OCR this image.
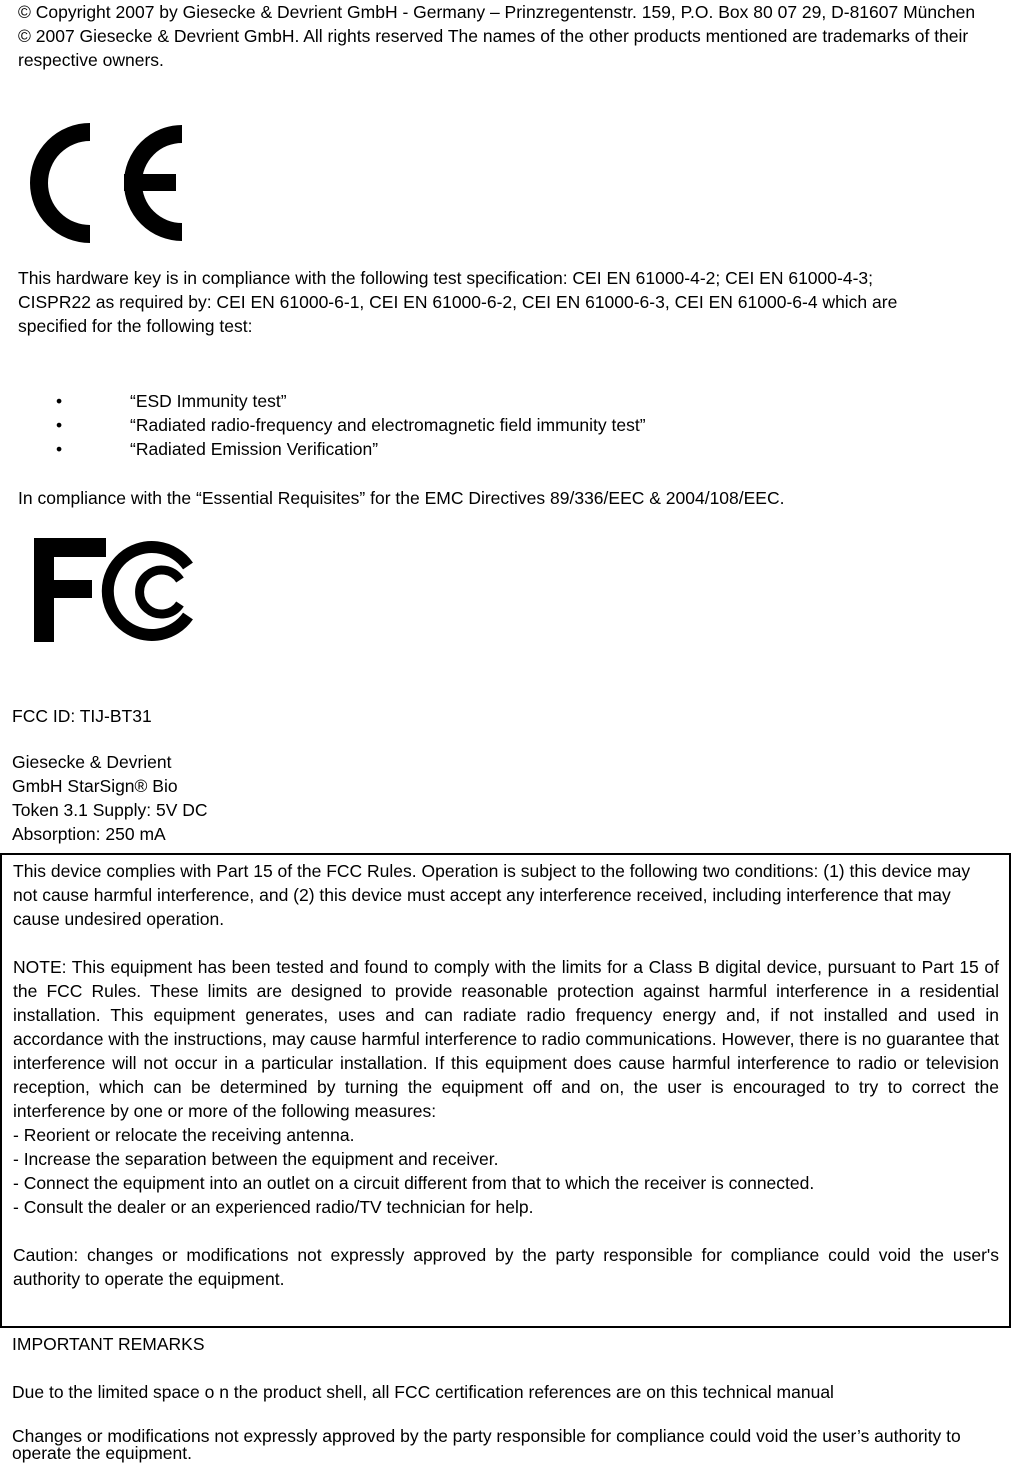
© Copyright 2007 by Giesecke & Devrient GmbH - Germany – Prinzregentenstr. 159, P.O. Box 80 07 29, D-81607 München © 2007 Giesecke & Devrient GmbH. All rights reserved The names of the other products mentioned are trademarks of their respective owners.
This hardware key is in compliance with the following test specification: CEI EN 61000-4-2; CEI EN 61000-4-3; CISPR22 as required by: CEI EN 61000-6-1, CEI EN 61000-6-2, CEI EN 61000-6-3, CEI EN 61000-6-4 which are specified for the following test:
•	“ESD Immunity test”
•	“Radiated radio-frequency and electromagnetic field immunity test”
•	“Radiated Emission Verification”
In compliance with the “Essential Requisites” for the EMC Directives 89/336/EEC & 2004/108/EEC.
FCC ID: TIJ-BT31
Giesecke & Devrient
GmbH StarSign® Bio
Token 3.1 Supply: 5V DC
Absorption: 250 mA

This device complies with Part 15 of the FCC Rules. Operation is subject to the following two conditions: (1) this device may not cause harmful interference, and (2) this device must accept any interference received, including interference that may cause undesired operation.

NOTE: This equipment has been tested and found to comply with the limits for a Class B digital device, pursuant to Part 15 of the FCC Rules. These limits are designed to provide reasonable protection against harmful interference in a residential installation. This equipment generates, uses and can radiate radio frequency energy and, if not installed and used in accordance with the instructions, may cause harmful interference to radio communications. However, there is no guarantee that interference will not occur in a particular installation. If this equipment does cause harmful interference to radio or television reception, which can be determined by turning the equipment off and on, the user is encouraged to try to correct the interference by one or more of the following measures:

- Reorient or relocate the receiving antenna.

- Increase the separation between the equipment and receiver.

- Connect the equipment into an outlet on a circuit different from that to which the receiver is connected.

- Consult the dealer or an experienced radio/TV technician for help.

Caution: changes or modifications not expressly approved by the party responsible for compliance could void the user's authority to operate the equipment.

IMPORTANT REMARKS

Due to the limited space o n the product shell, all FCC certification references are on this technical manual

Changes or modifications not expressly approved by the party responsible for compliance could void the user’s authority to operate the equipment.
